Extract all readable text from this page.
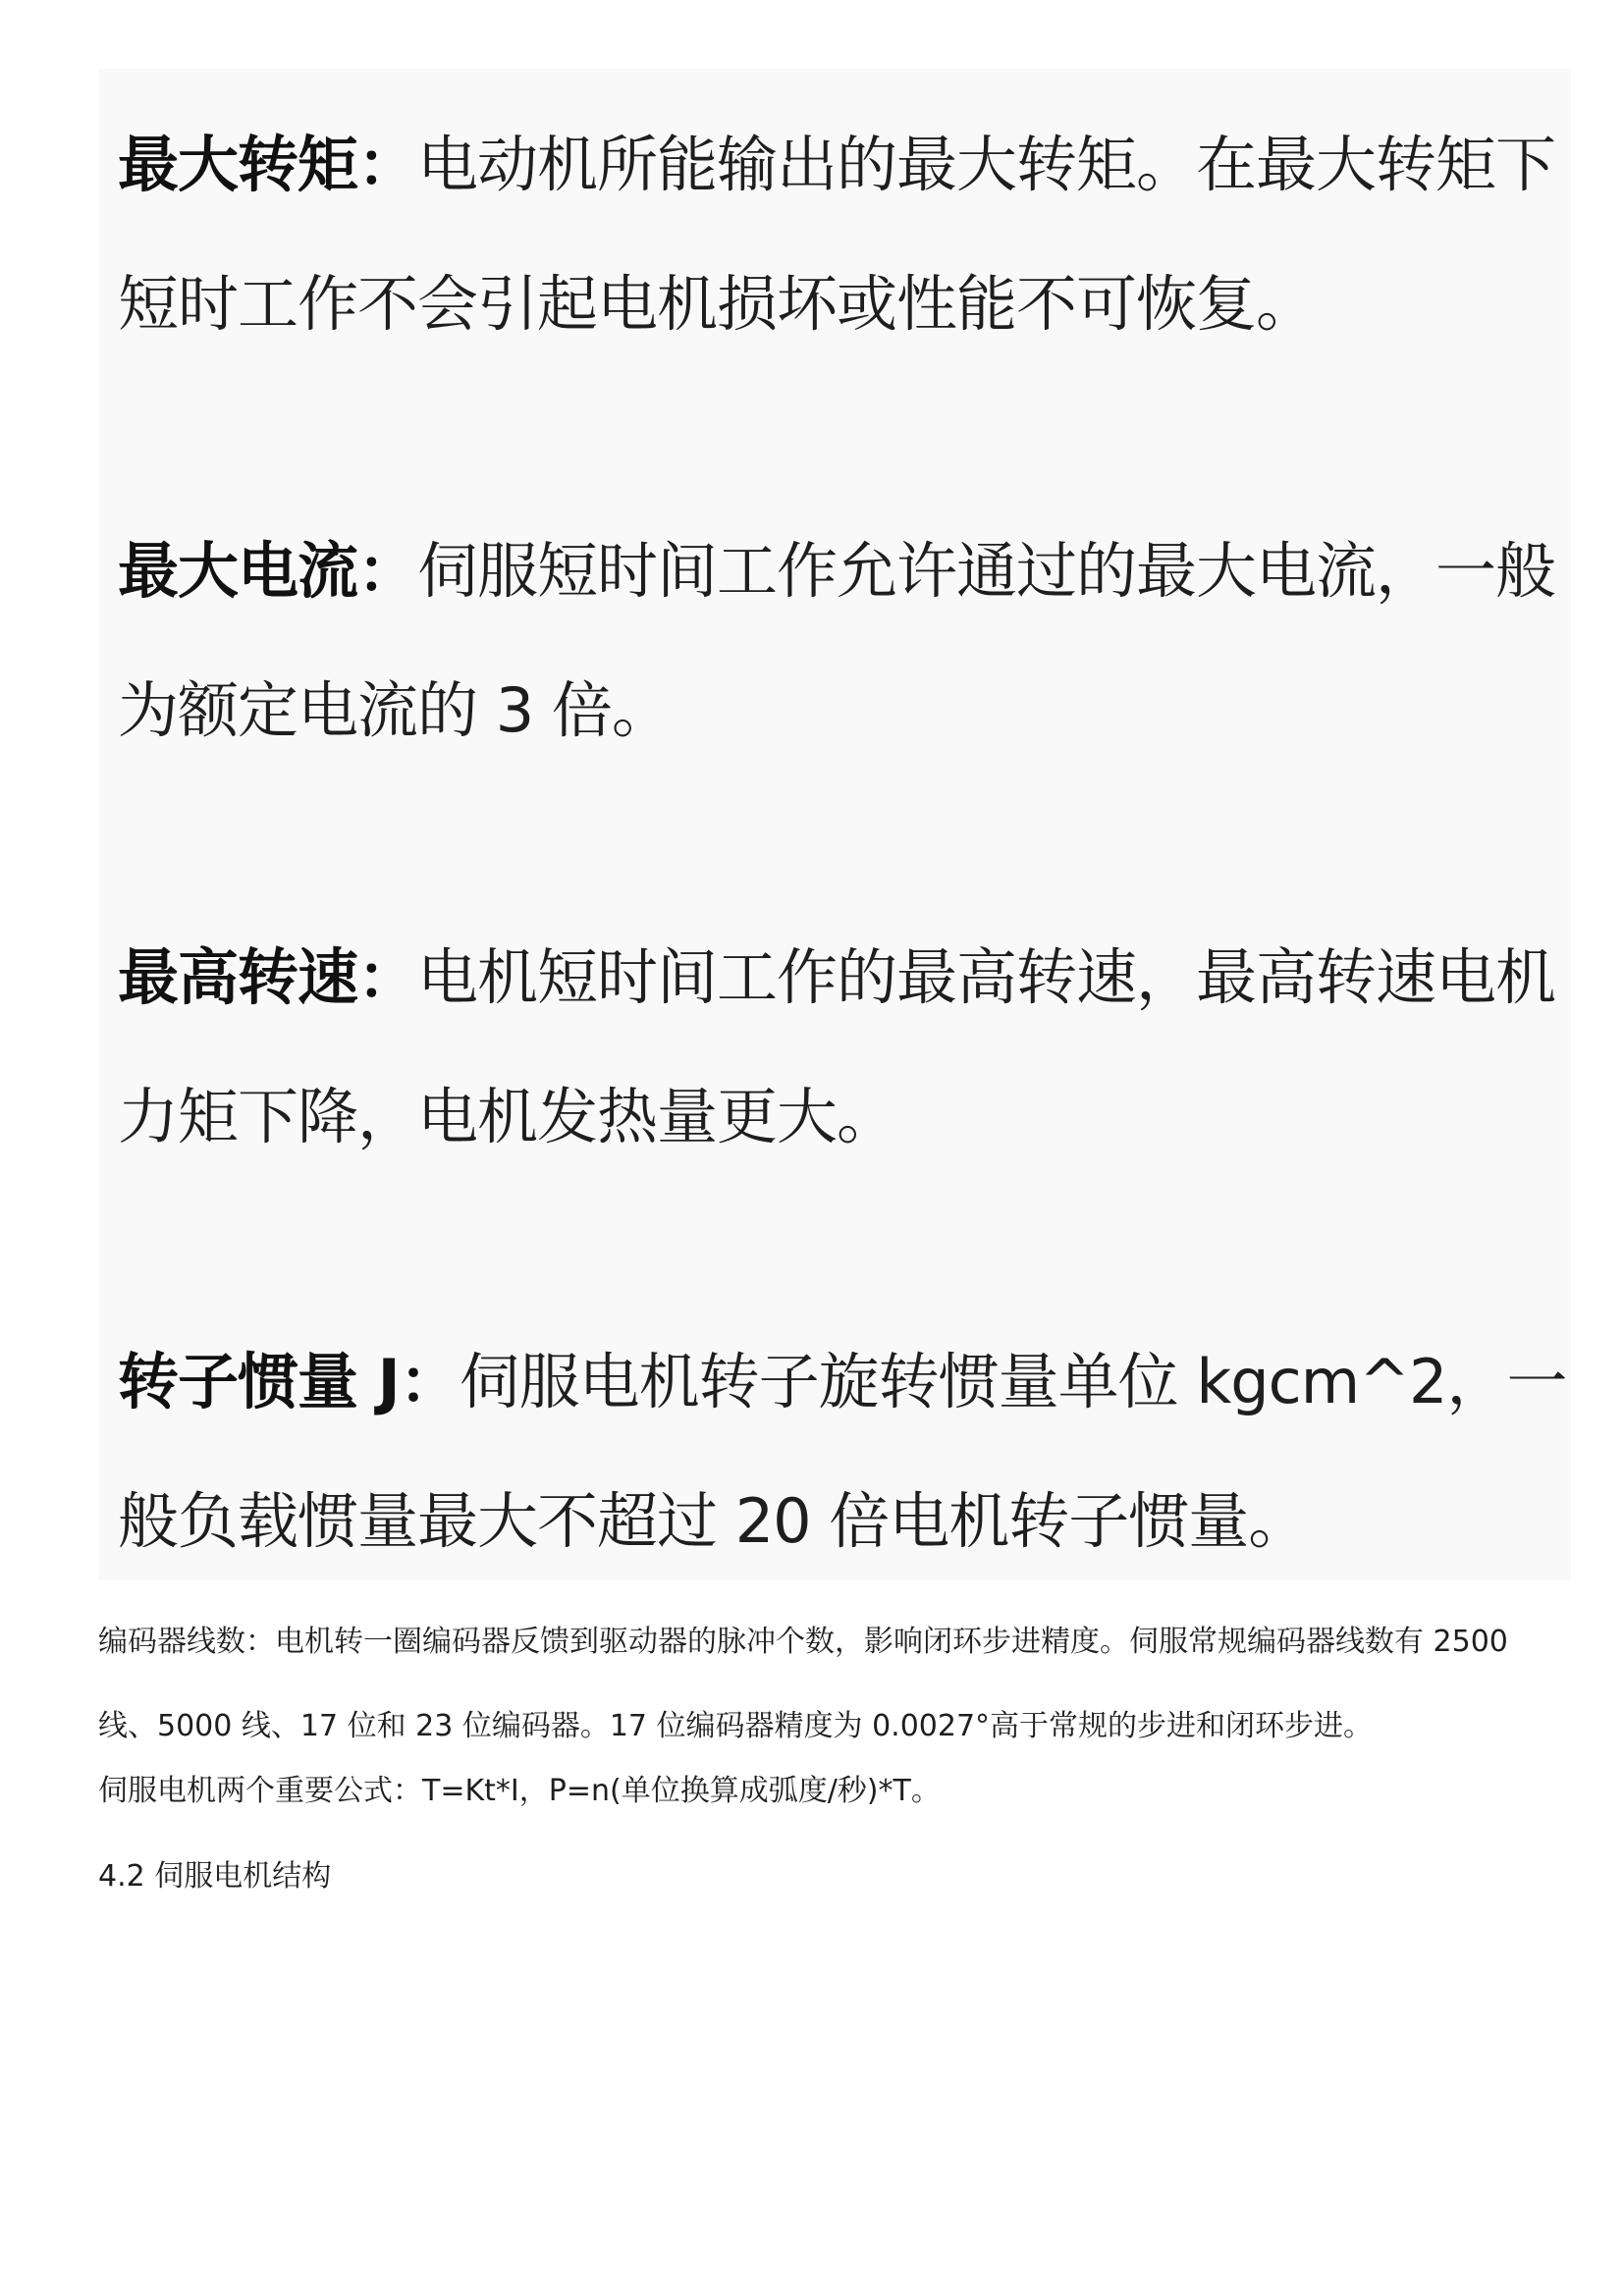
最大转矩：电动机所能输出的最大转矩。在最大转矩下短时工作不会引起电机损坏或性能不可恢复。
最大电流：伺服短时间工作允许通过的最大电流，一般为额定电流的 3 倍。
最高转速：电机短时间工作的最高转速，最高转速电机力矩下降，电机发热量更大。
转子惯量 J：伺服电机转子旋转惯量单位 kgcm^2，一般负载惯量最大不超过 20 倍电机转子惯量。

编码器线数：电机转一圈编码器反馈到驱动器的脉冲个数，影响闭环步进精度。伺服常规编码器线数有 2500 线、5000 线、17 位和 23 位编码器。17 位编码器精度为 0.0027°高于常规的步进和闭环步进。

伺服电机两个重要公式：T=Kt*I，P=n(单位换算成弧度/秒)*T。

4.2 伺服电机结构
